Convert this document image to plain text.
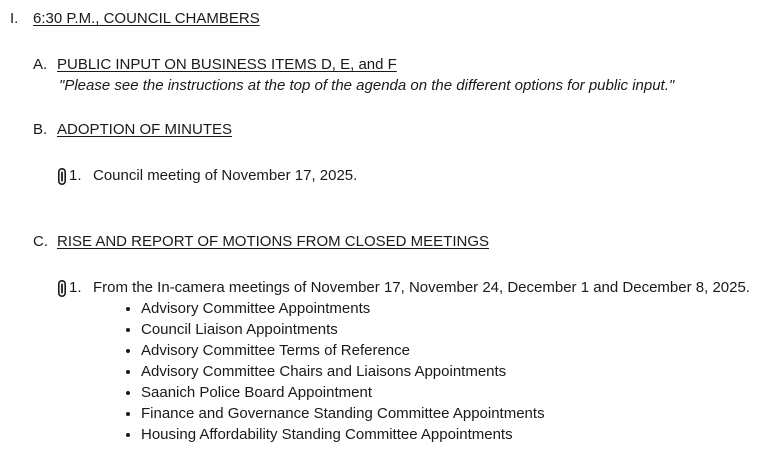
I. 6:30 P.M., COUNCIL CHAMBERS
A. PUBLIC INPUT ON BUSINESS ITEMS D, E, and F
"Please see the instructions at the top of the agenda on the different options for public input."
B. ADOPTION OF MINUTES
1. Council meeting of November 17, 2025.
C. RISE AND REPORT OF MOTIONS FROM CLOSED MEETINGS
1. From the In-camera meetings of November 17, November 24, December 1 and December 8, 2025.
Advisory Committee Appointments
Council Liaison Appointments
Advisory Committee Terms of Reference
Advisory Committee Chairs and Liaisons Appointments
Saanich Police Board Appointment
Finance and Governance Standing Committee Appointments
Housing Affordability Standing Committee Appointments
